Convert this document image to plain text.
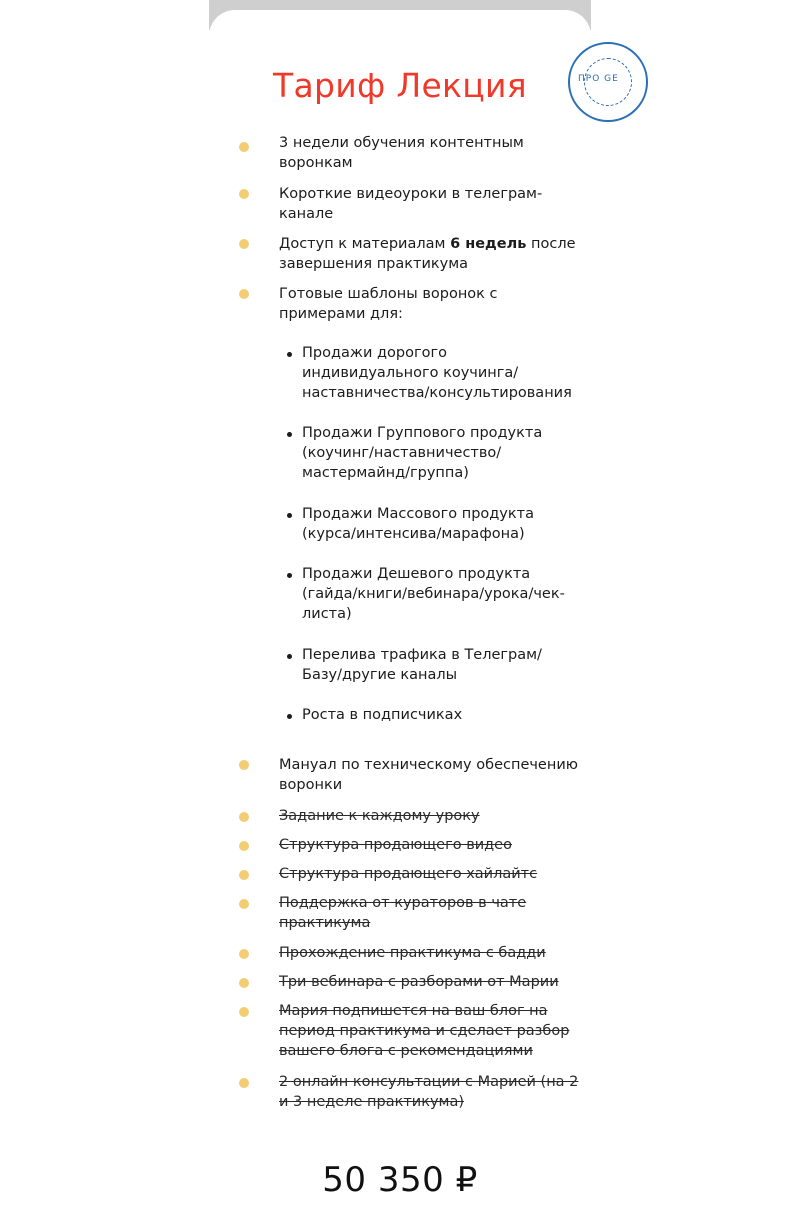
ПРО GE
Тариф Лекция
3 недели обучения контентным воронкам
Короткие видеоуроки в телеграм-канале
Доступ к материалам 6 недель после завершения практикума
Готовые шаблоны воронок с примерами для:
Продажи дорогого индивидуального коучинга/наставничества/консультирования
Продажи Группового продукта (коучинг/наставничество/мастермайнд/группа)
Продажи Массового продукта (курса/интенсива/марафона)
Продажи Дешевого продукта (гайда/книги/вебинара/урока/чек-листа)
Перелива трафика в Телеграм/Базу/другие каналы
Роста в подписчиках
Мануал по техническому обеспечению воронки
Задание к каждому уроку
Структура продающего видео
Структура продающего хайлайтс
Поддержка от кураторов в чате практикума
Прохождение практикума с бадди
Три вебинара с разборами от Марии
Мария подпишется на ваш блог на период практикума и сделает разбор вашего блога с рекомендациями
2 онлайн консультации с Марией (на 2 и 3 неделе практикума)
50 350 ₽
